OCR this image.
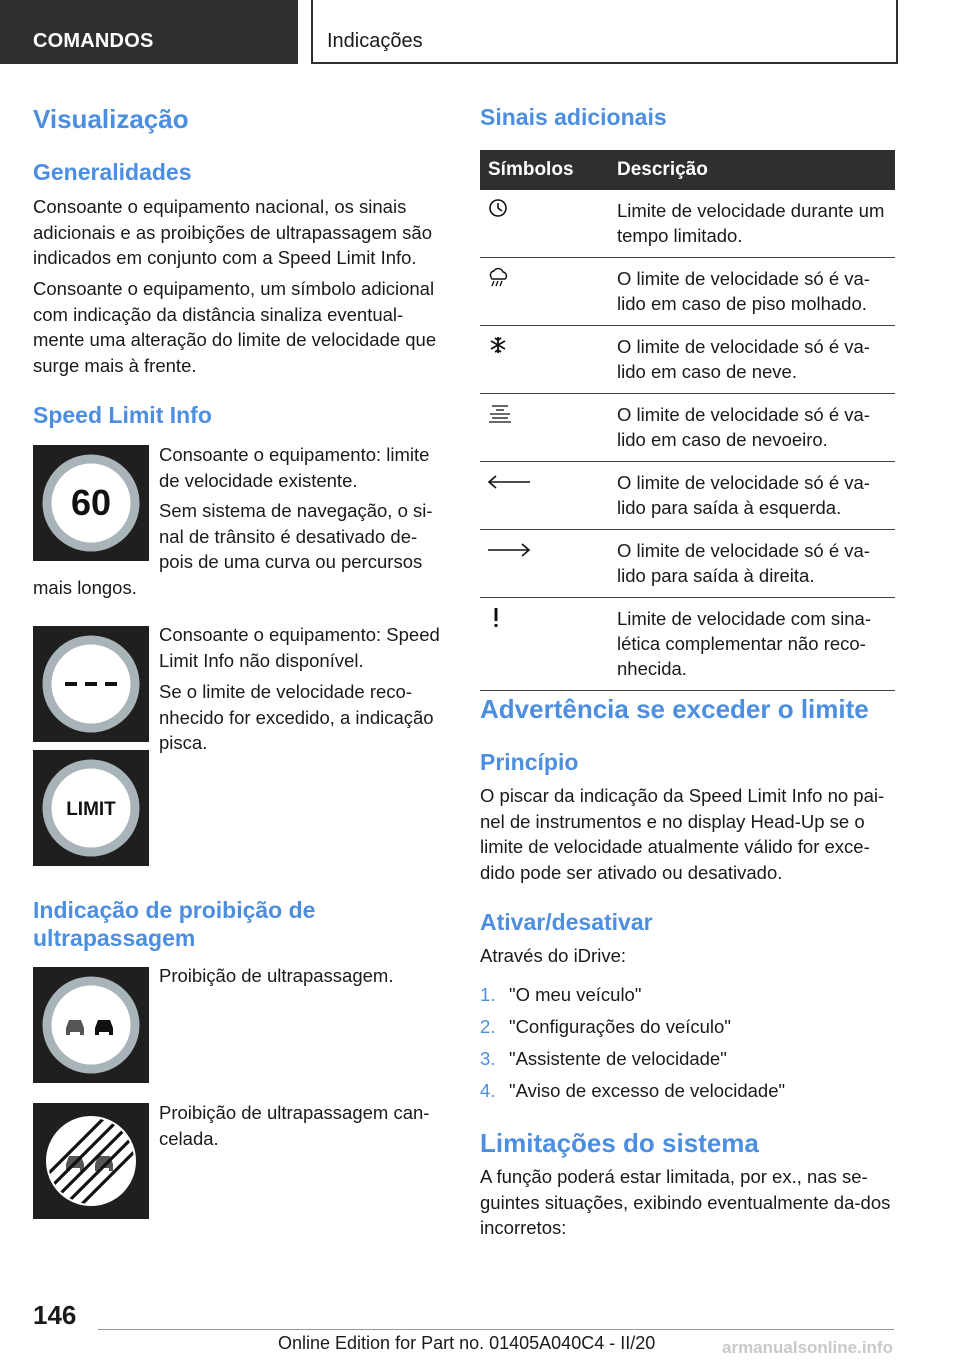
COMANDOS	Indicações
Visualização
Generalidades

Consoante o equipamento nacional, os sinais adicionais e as proibições de ultrapassagem são indicados em conjunto com a Speed Limit Info.

Consoante o equipamento, um símbolo adicional com indicação da distância sinaliza eventual-mente uma alteração do limite de velocidade que surge mais à frente.

Speed Limit Info
60

Consoante o equipamento: limite de velocidade existente.

Sem sistema de navegação, o si-nal de trânsito é desativado de-pois de uma curva ou percursos mais longos.

Consoante o equipamento: Speed Limit Info não disponível.

Se o limite de velocidade reco-nhecido for excedido, a indicação pisca.

LIMIT
Indicação de proibição de ultrapassagem

Proibição de ultrapassagem.

Proibição de ultrapassagem can-celada.

Sinais adicionais
Símbolos	Descrição

	Limite de velocidade durante um tempo limitado.

	O limite de velocidade só é va-lido em caso de piso molhado.

	O limite de velocidade só é va-lido em caso de neve.

	O limite de velocidade só é va-lido em caso de nevoeiro.

	O limite de velocidade só é va-lido para saída à esquerda.

	O limite de velocidade só é va-lido para saída à direita.

	Limite de velocidade com sina-lética complementar não reco-nhecida.
Advertência se exceder o limite
Princípio

O piscar da indicação da Speed Limit Info no pai-nel de instrumentos e no display Head-Up se o limite de velocidade atualmente válido for exce-dido pode ser ativado ou desativado.

Ativar/desativar

Através do iDrive:

1. "O meu veículo"
2. "Configurações do veículo"
3. "Assistente de velocidade"
4. "Aviso de excesso de velocidade"
Limitações do sistema

A função poderá estar limitada, por ex., nas se-guintes situações, exibindo eventualmente da-dos incorretos:

146
Online Edition for Part no. 01405A040C4 - II/20	armanualsonline.info
